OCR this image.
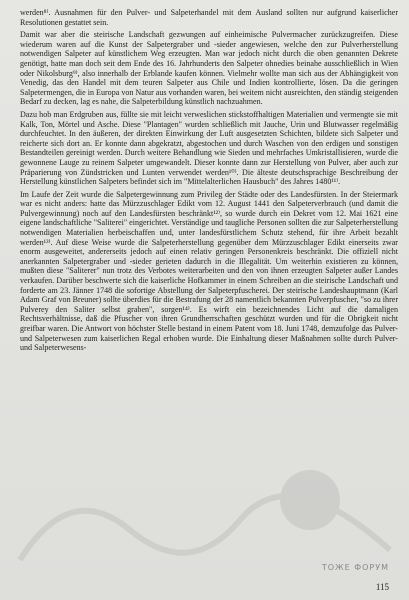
werden⁸⁾. Ausnahmen für den Pulver- und Salpeterhandel mit dem Ausland sollten nur aufgrund kaiserlicher Resolutionen gestattet sein.

Damit war aber die steirische Landschaft gezwungen auf einheimische Pulvermacher zurückzugreifen. Diese wiederum waren auf die Kunst der Salpetergraber und -sieder angewiesen, welche den zur Pulverherstellung notwendigen Salpeter auf künstlichem Weg erzeugten. Man war jedoch nicht durch die oben genannten Dekrete genötigt, hatte man doch seit dem Ende des 16. Jahrhunderts den Salpeter ohnedies beinahe ausschließlich in Wien oder Nikolsburg⁹⁾, also innerhalb der Erblande kaufen können. Vielmehr wollte man sich aus der Abhängigkeit von Venedig, das den Handel mit dem teuren Salpeter aus Chile und Indien kontrollierte, lösen. Da die geringen Salpetermengen, die in Europa von Natur aus vorhanden waren, bei weitem nicht ausreichten, den ständig steigenden Bedarf zu decken, lag es nahe, die Salpeterbildung künstlich nachzuahmen.

Dazu hob man Erdgruben aus, füllte sie mit leicht verweslichen stickstoffhaltigen Materialien und vermengte sie mit Kalk, Ton, Mörtel und Asche. Diese "Plantagen" wurden schließlich mit Jauche, Urin und Blutwasser regelmäßig durchfeuchtet. In den äußeren, der direkten Einwirkung der Luft ausgesetzten Schichten, bildete sich Salpeter und reicherte sich dort an. Er konnte dann abgekratzt, abgestochen und durch Waschen von den erdigen und sonstigen Bestandteilen gereinigt werden. Durch weitere Behandlung wie Sieden und mehrfaches Umkristallisieren, wurde die gewonnene Lauge zu reinem Salpeter umgewandelt. Dieser konnte dann zur Herstellung von Pulver, aber auch zur Präparierung von Zündstricken und Lunten verwendet werden¹⁰⁾. Die älteste deutschsprachige Beschreibung der Herstellung künstlichen Salpeters befindet sich im "Mittelalterlichen Hausbuch" des Jahres 1480¹¹⁾.

Im Laufe der Zeit wurde die Salpetergewinnung zum Privileg der Städte oder des Landesfürsten. In der Steiermark war es nicht anders: hatte das Mürzzuschlager Edikt vom 12. August 1441 den Salpeterverbrauch (und damit die Pulvergewinnung) noch auf den Landesfürsten beschränkt¹²⁾, so wurde durch ein Dekret vom 12. Mai 1621 eine eigene landschaftliche "Saliterei" eingerichtet. Verständige und taugliche Personen sollten die zur Salpeterherstellung notwendigen Materialien herbeischaffen und, unter landesfürstlichem Schutz stehend, für ihre Arbeit bezahlt werden¹³⁾. Auf diese Weise wurde die Salpeterherstellung gegenüber dem Mürzzuschlager Edikt einerseits zwar enorm ausgeweitet, andererseits jedoch auf einen relativ geringen Personenkreis beschränkt. Die offiziell nicht anerkannten Salpetergraber und -sieder gerieten dadurch in die Illegalität. Um weiterhin existieren zu können, mußten diese "Saliterer" nun trotz des Verbotes weiterarbeiten und den von ihnen erzeugten Salpeter außer Landes verkaufen. Darüber beschwerte sich die kaiserliche Hofkammer in einem Schreiben an die steirische Landschaft und forderte am 23. Jänner 1748 die sofortige Abstellung der Salpeterpfuscherei. Der steirische Landeshauptmann (Karl Adam Graf von Breuner) sollte überdies für die Bestrafung der 28 namentlich bekannten Pulverpfuscher, "so zu ihrer Pulverey den Saliter selbst graben", sorgen¹⁴⁾. Es wirft ein bezeichnendes Licht auf die damaligen Rechtsverhältnisse, daß die Pfuscher von ihren Grundherrschaften geschützt wurden und für die Obrigkeit nicht greifbar waren. Die Antwort von höchster Stelle bestand in einem Patent vom 18. Juni 1748, demzufolge das Pulver- und Salpeterwesen zum kaiserlichen Regal erhoben wurde. Die Einhaltung dieser Maßnahmen sollte durch Pulver- und Salpeterwesens-

ТОЖЕ ФОРУМ
115
